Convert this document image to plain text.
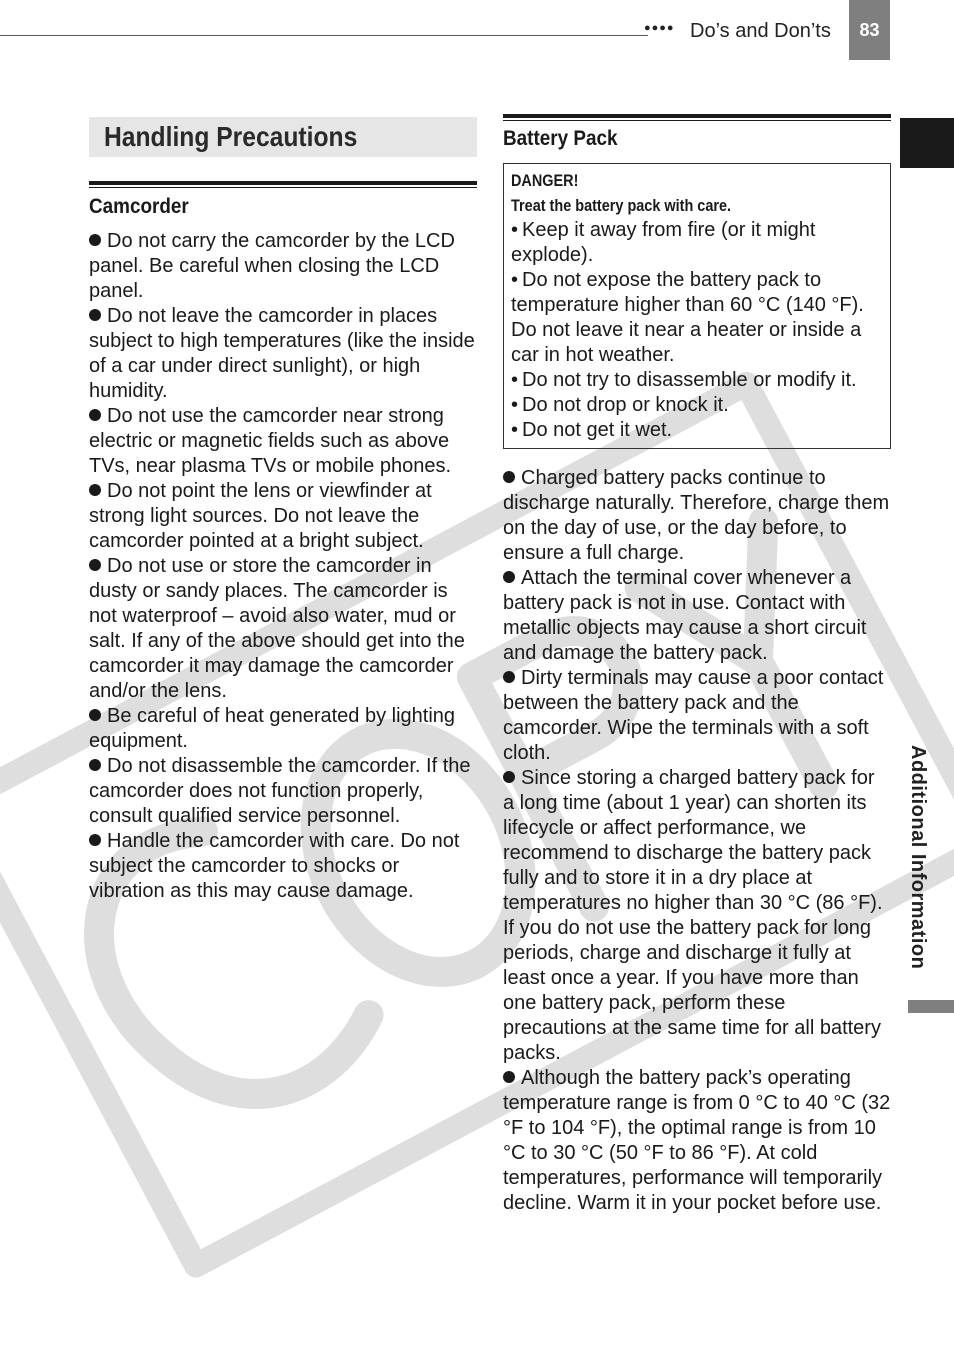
●●●● Do’s and Don’ts	83
Additional Information
Handling Precautions
Camcorder

Do not carry the camcorder by the LCD panel. Be careful when closing the LCD panel.

Do not leave the camcorder in places subject to high temperatures (like the inside of a car under direct sunlight), or high humidity.

Do not use the camcorder near strong electric or magnetic fields such as above TVs, near plasma TVs or mobile phones.

Do not point the lens or viewfinder at strong light sources. Do not leave the camcorder pointed at a bright subject.

Do not use or store the camcorder in dusty or sandy places. The camcorder is not waterproof – avoid also water, mud or salt. If any of the above should get into the camcorder it may damage the camcorder and/or the lens.

Be careful of heat generated by lighting equipment.

Do not disassemble the camcorder. If the camcorder does not function properly, consult qualified service personnel.

Handle the camcorder with care. Do not subject the camcorder to shocks or vibration as this may cause damage.

Battery Pack
DANGER!
Treat the battery pack with care.

• Keep it away from fire (or it might explode).

• Do not expose the battery pack to temperature higher than 60 °C (140 °F). Do not leave it near a heater or inside a car in hot weather.

• Do not try to disassemble or modify it.

• Do not drop or knock it.

• Do not get it wet.

Charged battery packs continue to discharge naturally. Therefore, charge them on the day of use, or the day before, to ensure a full charge.

Attach the terminal cover whenever a battery pack is not in use. Contact with metallic objects may cause a short circuit and damage the battery pack.

Dirty terminals may cause a poor contact between the battery pack and the camcorder. Wipe the terminals with a soft cloth.

Since storing a charged battery pack for a long time (about 1 year) can shorten its lifecycle or affect performance, we recommend to discharge the battery pack fully and to store it in a dry place at temperatures no higher than 30 °C (86 °F). If you do not use the battery pack for long periods, charge and discharge it fully at least once a year. If you have more than one battery pack, perform these precautions at the same time for all battery packs.

Although the battery pack’s operating temperature range is from 0 °C to 40 °C (32 °F to 104 °F), the optimal range is from 10 °C to 30 °C (50 °F to 86 °F). At cold temperatures, performance will temporarily decline. Warm it in your pocket before use.
